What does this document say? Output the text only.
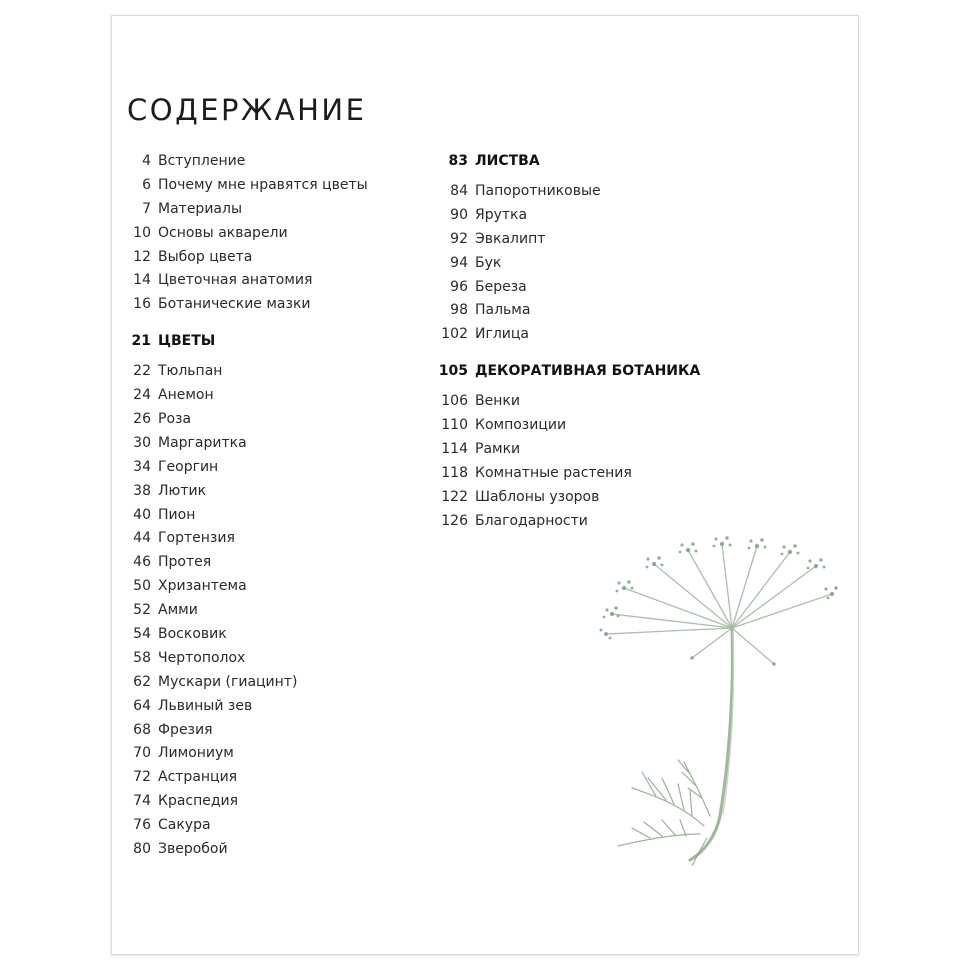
СОДЕРЖАНИЕ
4 Вступление
6 Почему мне нравятся цветы
7 Материалы
10 Основы акварели
12 Выбор цвета
14 Цветочная анатомия
16 Ботанические мазки
21 ЦВЕТЫ
22 Тюльпан
24 Анемон
26 Роза
30 Маргаритка
34 Георгин
38 Лютик
40 Пион
44 Гортензия
46 Протея
50 Хризантема
52 Амми
54 Восковик
58 Чертополох
62 Мускари (гиацинт)
64 Львиный зев
68 Фрезия
70 Лимониум
72 Астранция
74 Краспедия
76 Сакура
80 Зверобой
83 ЛИСТВА
84 Папоротниковые
90 Ярутка
92 Эвкалипт
94 Бук
96 Береза
98 Пальма
102 Иглица
105 ДЕКОРАТИВНАЯ БОТАНИКА
106 Венки
110 Композиции
114 Рамки
118 Комнатные растения
122 Шаблоны узоров
126 Благодарности
